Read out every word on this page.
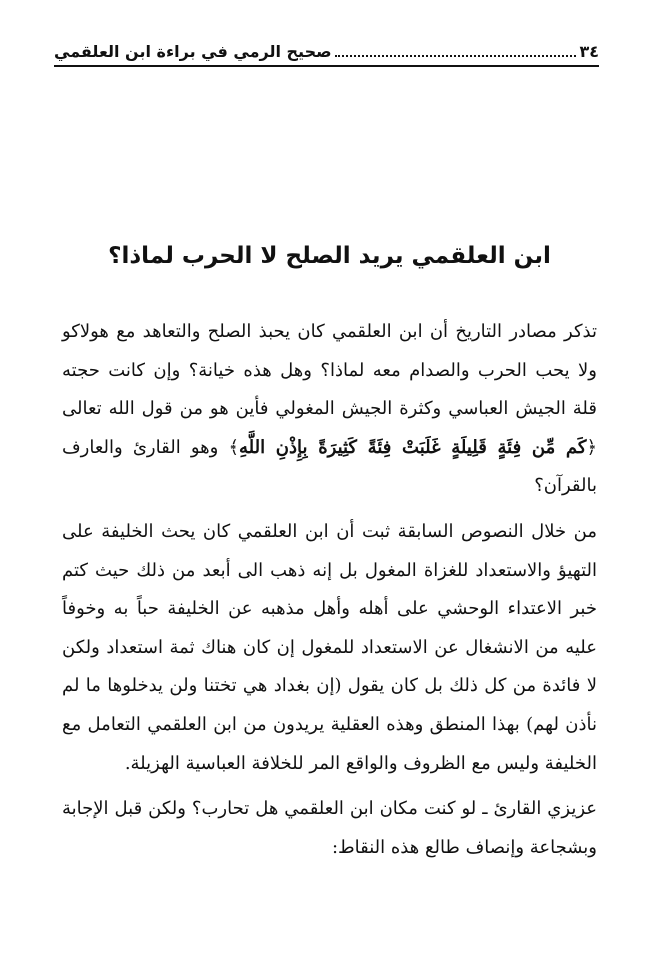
٣٤
صحيح الرمي في براءة ابن العلقمي
ابن العلقمي يريد الصلح لا الحرب لماذا؟

تذكر مصادر التاريخ أن ابن العلقمي كان يحبذ الصلح والتعاهد مع هولاكو ولا يحب الحرب والصدام معه لماذا؟ وهل هذه خيانة؟ وإن كانت حجته قلة الجيش العباسي وكثرة الجيش المغولي فأين هو من قول الله تعالى ﴿كَم مِّن فِئَةٍ قَلِيلَةٍ غَلَبَتْ فِئَةً كَثِيرَةً بِإِذْنِ اللَّهِ﴾ وهو القارئ والعارف بالقرآن؟

من خلال النصوص السابقة ثبت أن ابن العلقمي كان يحث الخليفة على التهيؤ والاستعداد للغزاة المغول بل إنه ذهب الى أبعد من ذلك حيث كتم خبر الاعتداء الوحشي على أهله وأهل مذهبه عن الخليفة حباً به وخوفاً عليه من الانشغال عن الاستعداد للمغول إن كان هناك ثمة استعداد ولكن لا فائدة من كل ذلك بل كان يقول (إن بغداد هي تختنا ولن يدخلوها ما لم نأذن لهم) بهذا المنطق وهذه العقلية يريدون من ابن العلقمي التعامل مع الخليفة وليس مع الظروف والواقع المر للخلافة العباسية الهزيلة.

عزيزي القارئ ـ لو كنت مكان ابن العلقمي هل تحارب؟ ولكن قبل الإجابة وبشجاعة وإنصاف طالع هذه النقاط:
